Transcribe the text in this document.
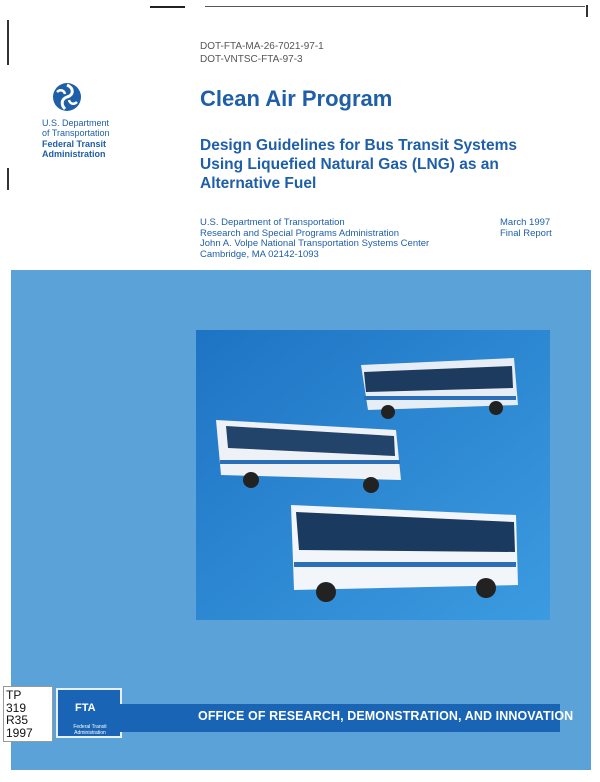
DOT-FTA-MA-26-7021-97-1
DOT-VNTSC-FTA-97-3
U.S. Department
of Transportation
Federal Transit
Administration
Clean Air Program
Design Guidelines for Bus Transit Systems Using Liquefied Natural Gas (LNG) as an Alternative Fuel
U.S. Department of Transportation
Research and Special Programs Administration
John A. Volpe National Transportation Systems Center
Cambridge, MA 02142-1093
March 1997
Final Report
TP
319
R35
1997
FTA
Federal Transit Administration
OFFICE OF RESEARCH, DEMONSTRATION, AND INNOVATION
